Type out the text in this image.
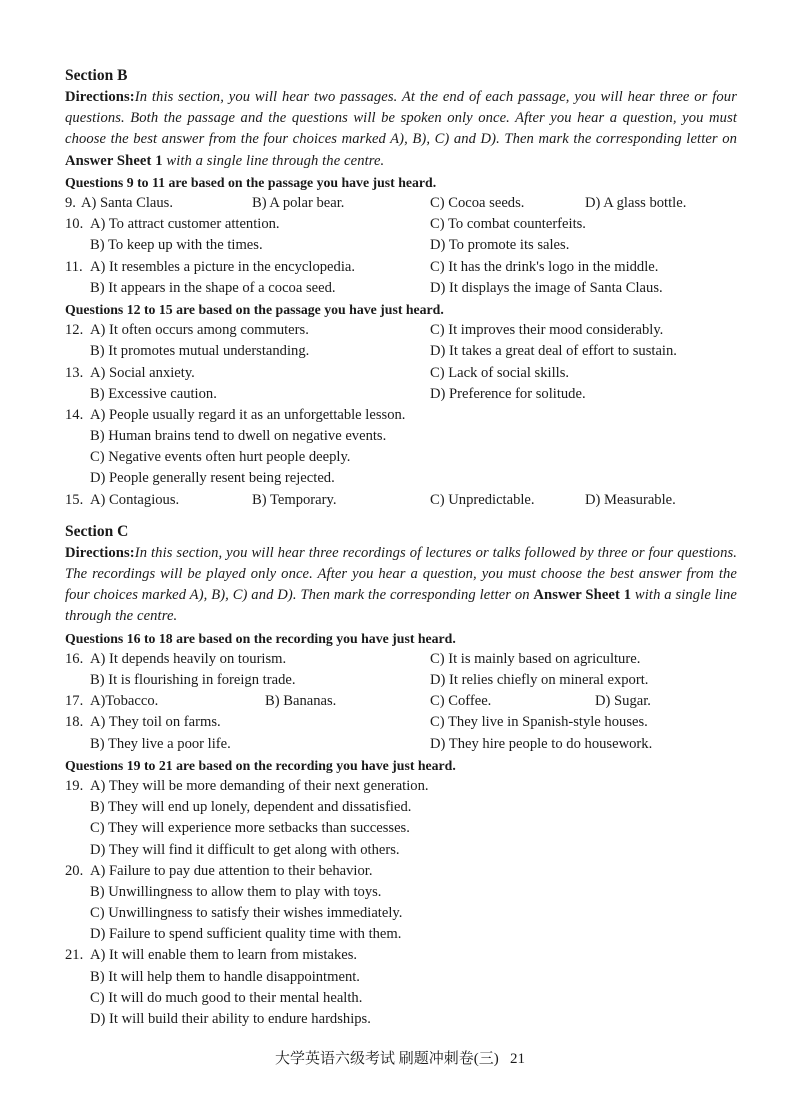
Section B
Directions:In this section, you will hear two passages. At the end of each passage, you will hear three or four questions. Both the passage and the questions will be spoken only once. After you hear a question, you must choose the best answer from the four choices marked A), B), C) and D). Then mark the corresponding letter on Answer Sheet 1 with a single line through the centre.
Questions 9 to 11 are based on the passage you have just heard.
9. A) Santa Claus.	B) A polar bear.	C) Cocoa seeds.	D) A glass bottle.
10. A) To attract customer attention.	C) To combat counterfeits.
B) To keep up with the times.	D) To promote its sales.
11. A) It resembles a picture in the encyclopedia.	C) It has the drink's logo in the middle.
B) It appears in the shape of a cocoa seed.	D) It displays the image of Santa Claus.
Questions 12 to 15 are based on the passage you have just heard.
12. A) It often occurs among commuters.	C) It improves their mood considerably.
B) It promotes mutual understanding.	D) It takes a great deal of effort to sustain.
13. A) Social anxiety.	C) Lack of social skills.
B) Excessive caution.	D) Preference for solitude.
14. A) People usually regard it as an unforgettable lesson.
B) Human brains tend to dwell on negative events.
C) Negative events often hurt people deeply.
D) People generally resent being rejected.
15. A) Contagious.	B) Temporary.	C) Unpredictable.	D) Measurable.
Section C
Directions:In this section, you will hear three recordings of lectures or talks followed by three or four questions. The recordings will be played only once. After you hear a question, you must choose the best answer from the four choices marked A), B), C) and D). Then mark the corresponding letter on Answer Sheet 1 with a single line through the centre.
Questions 16 to 18 are based on the recording you have just heard.
16. A) It depends heavily on tourism.	C) It is mainly based on agriculture.
B) It is flourishing in foreign trade.	D) It relies chiefly on mineral export.
17. A)Tobacco.	B) Bananas.	C) Coffee.	D) Sugar.
18. A) They toil on farms.	C) They live in Spanish-style houses.
B) They live a poor life.	D) They hire people to do housework.
Questions 19 to 21 are based on the recording you have just heard.
19. A) They will be more demanding of their next generation.
B) They will end up lonely, dependent and dissatisfied.
C) They will experience more setbacks than successes.
D) They will find it difficult to get along with others.
20. A) Failure to pay due attention to their behavior.
B) Unwillingness to allow them to play with toys.
C) Unwillingness to satisfy their wishes immediately.
D) Failure to spend sufficient quality time with them.
21. A) It will enable them to learn from mistakes.
B) It will help them to handle disappointment.
C) It will do much good to their mental health.
D) It will build their ability to endure hardships.
大学英语六级考试 刷题冲刺卷(三) 21
